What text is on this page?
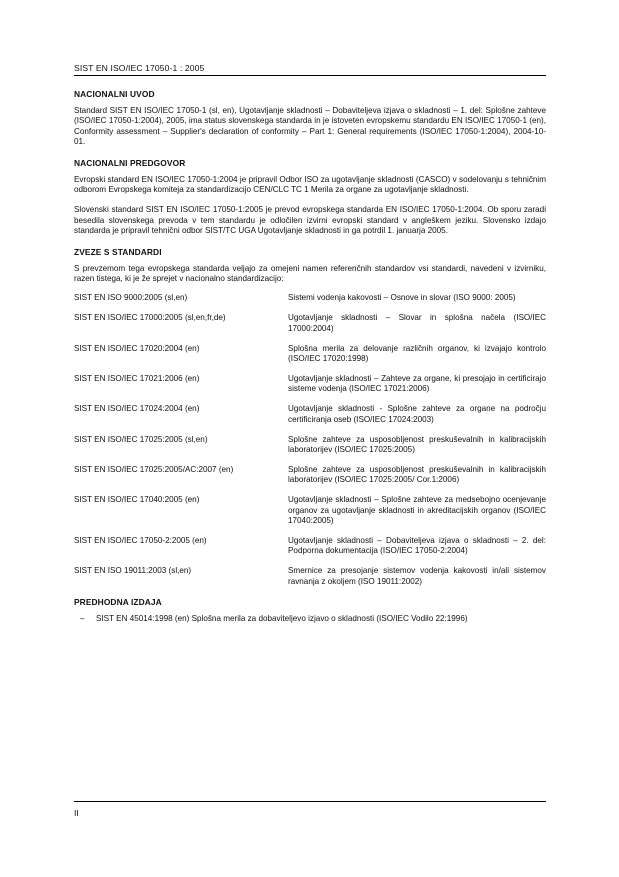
SIST EN ISO/IEC 17050-1 : 2005
NACIONALNI UVOD

Standard SIST EN ISO/IEC 17050-1 (sl, en), Ugotavljanje skladnosti – Dobaviteljeva izjava o skladnosti – 1. del: Splošne zahteve (ISO/IEC 17050-1:2004), 2005, ima status slovenskega standarda in je istoveten evropskemu standardu EN ISO/IEC 17050-1 (en), Conformity assessment – Supplier's declaration of conformity – Part 1: General requirements (ISO/IEC 17050-1:2004), 2004-10-01.

NACIONALNI PREDGOVOR

Evropski standard EN ISO/IEC 17050-1:2004 je pripravil Odbor ISO za ugotavljanje skladnosti (CASCO) v sodelovanju s tehničnim odborom Evropskega komiteja za standardizacijo CEN/CLC TC 1 Merila za organe za ugotavljanje skladnosti.

Slovenski standard SIST EN ISO/IEC 17050-1:2005 je prevod evropskega standarda EN ISO/IEC 17050-1:2004. Ob sporu zaradi besedila slovenskega prevoda v tem standardu je odločilen izvirni evropski standard v angleškem jeziku. Slovensko izdajo standarda je pripravil tehnični odbor SIST/TC UGA Ugotavljanje skladnosti in ga potrdil 1. januarja 2005.

ZVEZE S STANDARDI

S prevzemom tega evropskega standarda veljajo za omejeni namen referenčnih standardov vsi standardi, navedeni v izvirniku, razen tistega, ki je že sprejet v nacionalno standardizacijo:

SIST EN ISO 9000:2005 (sl,en)	Sistemi vodenja kakovosti – Osnove in slovar (ISO 9000: 2005)
SIST EN ISO/IEC 17000:2005 (sl,en,fr,de)	Ugotavljanje skladnosti – Slovar in splošna načela (ISO/IEC 17000:2004)
SIST EN ISO/IEC 17020:2004 (en)	Splošna merila za delovanje različnih organov, ki izvajajo kontrolo (ISO/IEC 17020:1998)
SIST EN ISO/IEC 17021:2006 (en)	Ugotavljanje skladnosti – Zahteve za organe, ki presojajo in certificirajo sisteme vodenja (ISO/IEC 17021:2006)
SIST EN ISO/IEC 17024:2004 (en)	Ugotavljanje skladnosti - Splošne zahteve za organe na področju certificiranja oseb (ISO/IEC 17024:2003)
SIST EN ISO/IEC 17025:2005 (sl,en)	Splošne zahteve za usposobljenost preskuševalnih in kalibracijskih laboratorijev (ISO/IEC 17025:2005)
SIST EN ISO/IEC 17025:2005/AC:2007 (en)	Splošne zahteve za usposobljenost preskuševalnih in kalibracijskih laboratorijev (ISO/IEC 17025:2005/ Cor.1:2006)
SIST EN ISO/IEC 17040:2005 (en)	Ugotavljanje skladnosti – Splošne zahteve za medsebojno ocenjevanje organov za ugotavljanje skladnosti in akreditacijskih organov (ISO/IEC 17040:2005)
SIST EN ISO/IEC 17050-2:2005 (en)	Ugotavljanje skladnosti – Dobaviteljeva izjava o skladnosti – 2. del: Podporna dokumentacija (ISO/IEC 17050-2:2004)
SIST EN ISO 19011:2003 (sl,en)	Smernice za presojanje sistemov vodenja kakovosti in/ali sistemov ravnanja z okoljem (ISO 19011:2002)
PREDHODNA IZDAJA
–	SIST EN 45014:1998 (en) Splošna merila za dobaviteljevo izjavo o skladnosti (ISO/IEC Vodilo 22:1996)
II
